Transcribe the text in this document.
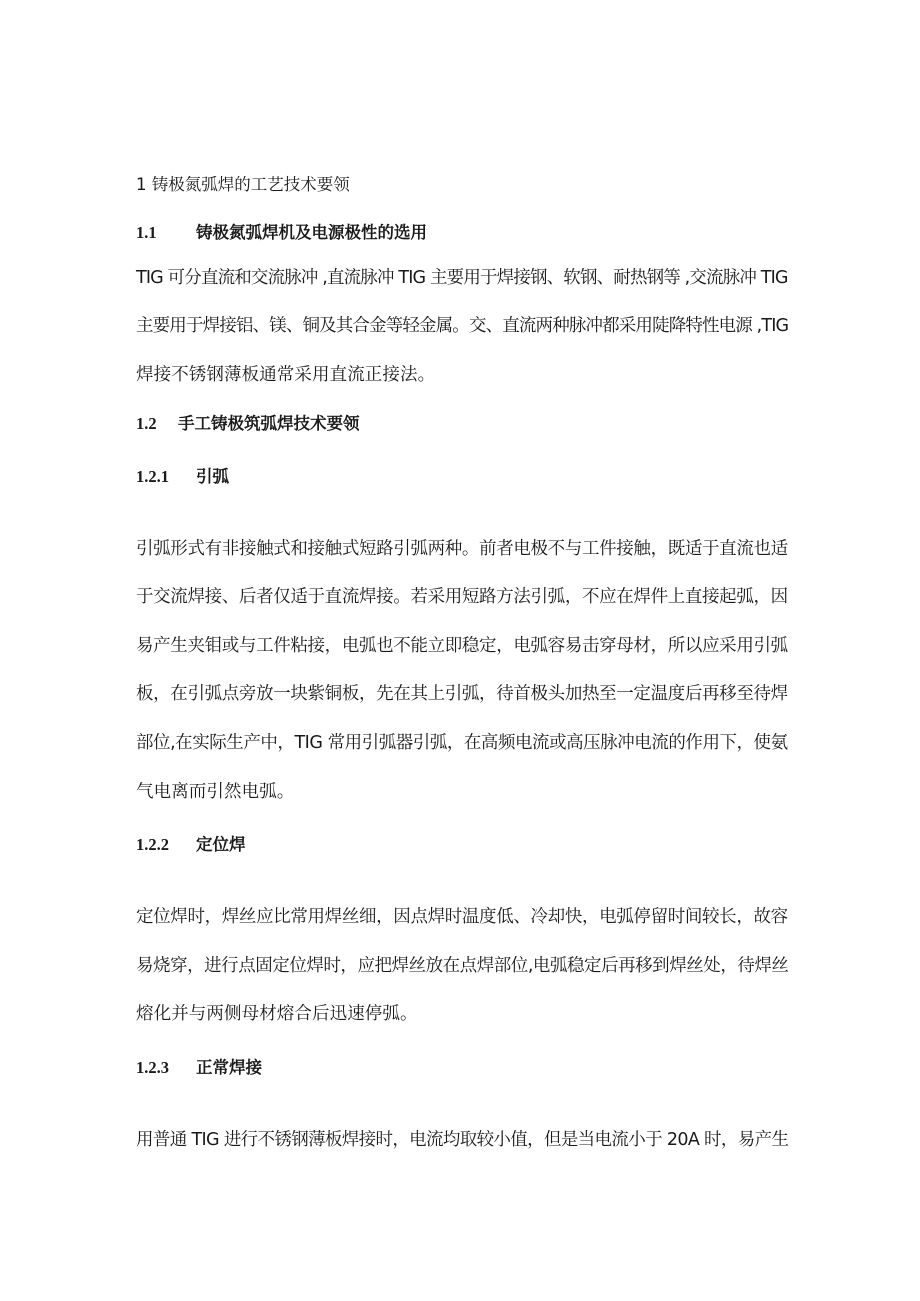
1 铸极氮弧焊的工艺技术要领
1.1 铸极氮弧焊机及电源极性的选用
TIG 可分直流和交流脉冲 ,直流脉冲 TIG 主要用于焊接钢、软钢、耐热钢等 ,交流脉冲 TIG
主要用于焊接铝、镁、铜及其合金等轻金属。交、直流两种脉冲都采用陡降特性电源 ,TIG
焊接不锈钢薄板通常采用直流正接法。
1.2 手工铸极筑弧焊技术要领
1.2.1 引弧
引弧形式有非接触式和接触式短路引弧两种。前者电极不与工件接触，既适于直流也适
于交流焊接、后者仅适于直流焊接。若采用短路方法引弧，不应在焊件上直接起弧，因
易产生夹钼或与工件粘接，电弧也不能立即稳定，电弧容易击穿母材，所以应采用引弧
板，在引弧点旁放一块紫铜板，先在其上引弧，待首极头加热至一定温度后再移至待焊
部位,在实际生产中，TIG 常用引弧器引弧，在高频电流或高压脉冲电流的作用下，使氨
气电离而引然电弧。
1.2.2 定位焊
定位焊时，焊丝应比常用焊丝细，因点焊时温度低、冷却快，电弧停留时间较长，故容
易烧穿，进行点固定位焊时，应把焊丝放在点焊部位,电弧稳定后再移到焊丝处，待焊丝
熔化并与两侧母材熔合后迅速停弧。
1.2.3 正常焊接
用普通 TIG 进行不锈钢薄板焊接时，电流均取较小值，但是当电流小于 20A 时，易产生
